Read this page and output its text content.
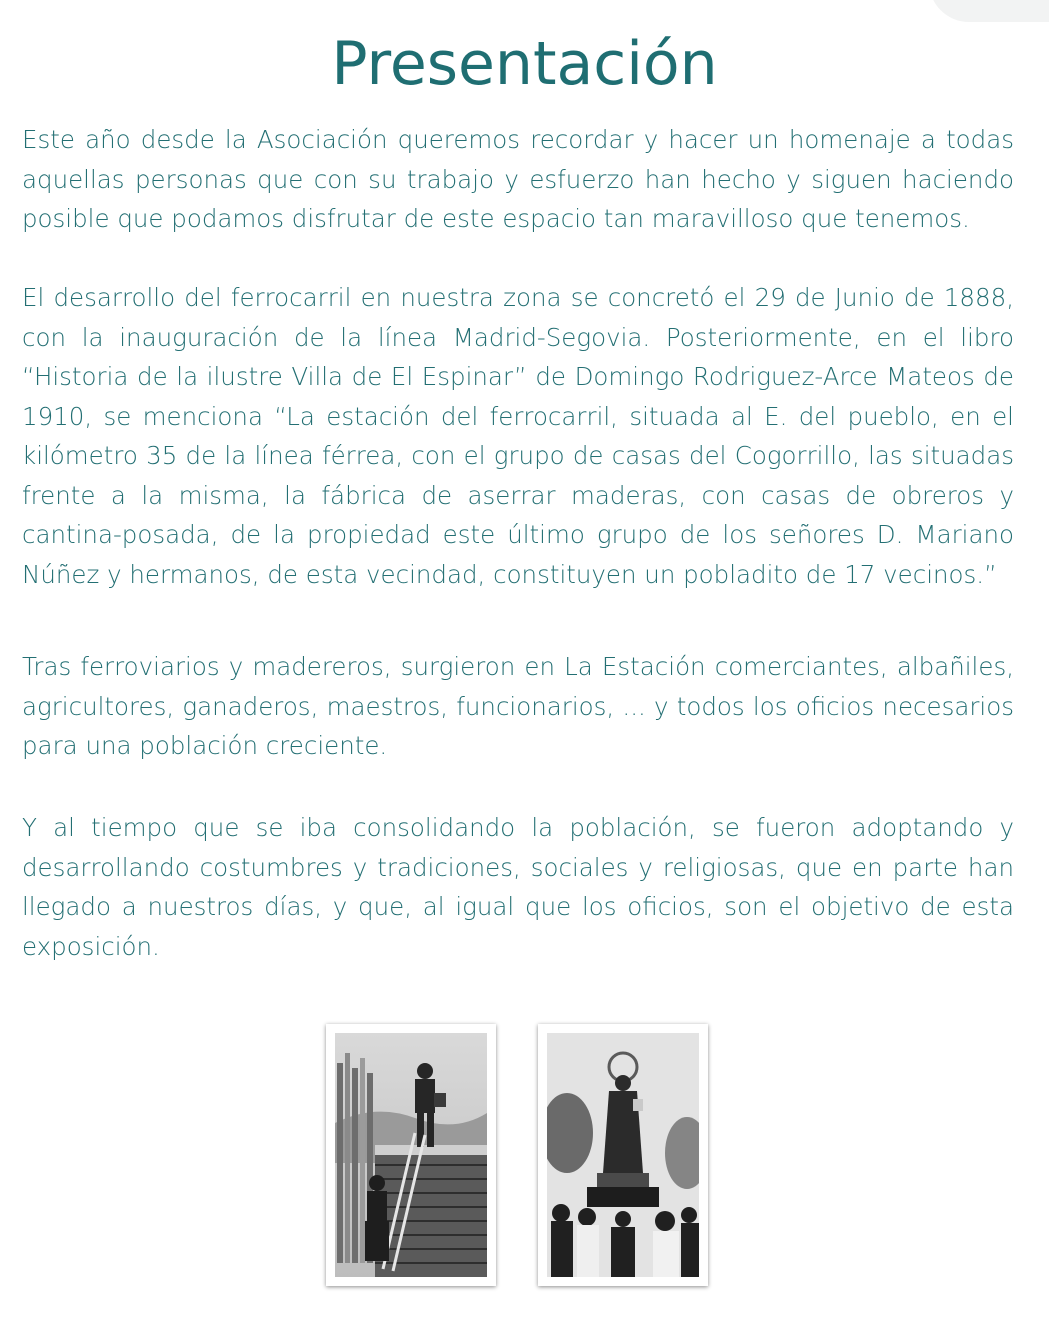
Presentación

Este año desde la Asociación queremos recordar y hacer un homenaje a todas aquellas personas que con su trabajo y esfuerzo han hecho y siguen haciendo posible que podamos disfrutar de este espacio tan maravilloso que tenemos.

El desarrollo del ferrocarril en nuestra zona se concretó el 29 de Junio de 1888, con la inauguración de la línea Madrid-Segovia. Posteriormente, en el libro “Historia de la ilustre Villa de El Espinar” de Domingo Rodriguez-Arce Mateos de 1910, se menciona “La estación del ferrocarril, situada al E. del pueblo, en el kilómetro 35 de la línea férrea, con el grupo de casas del Cogorrillo, las situadas frente a la misma, la fábrica de aserrar maderas, con casas de obreros y cantina-posada, de la propiedad este último grupo de los señores D. Mariano Núñez y hermanos, de esta vecindad, constituyen un pobladito de 17 vecinos.”

Tras ferroviarios y madereros, surgieron en La Estación comerciantes, albañiles, agricultores, ganaderos, maestros, funcionarios, ... y todos los oficios necesarios para una población creciente.

Y al tiempo que se iba consolidando la población, se fueron adoptando y desarrollando costumbres y tradiciones, sociales y religiosas, que en parte han llegado a nuestros días, y que, al igual que los oficios, son el objetivo de esta exposición.
